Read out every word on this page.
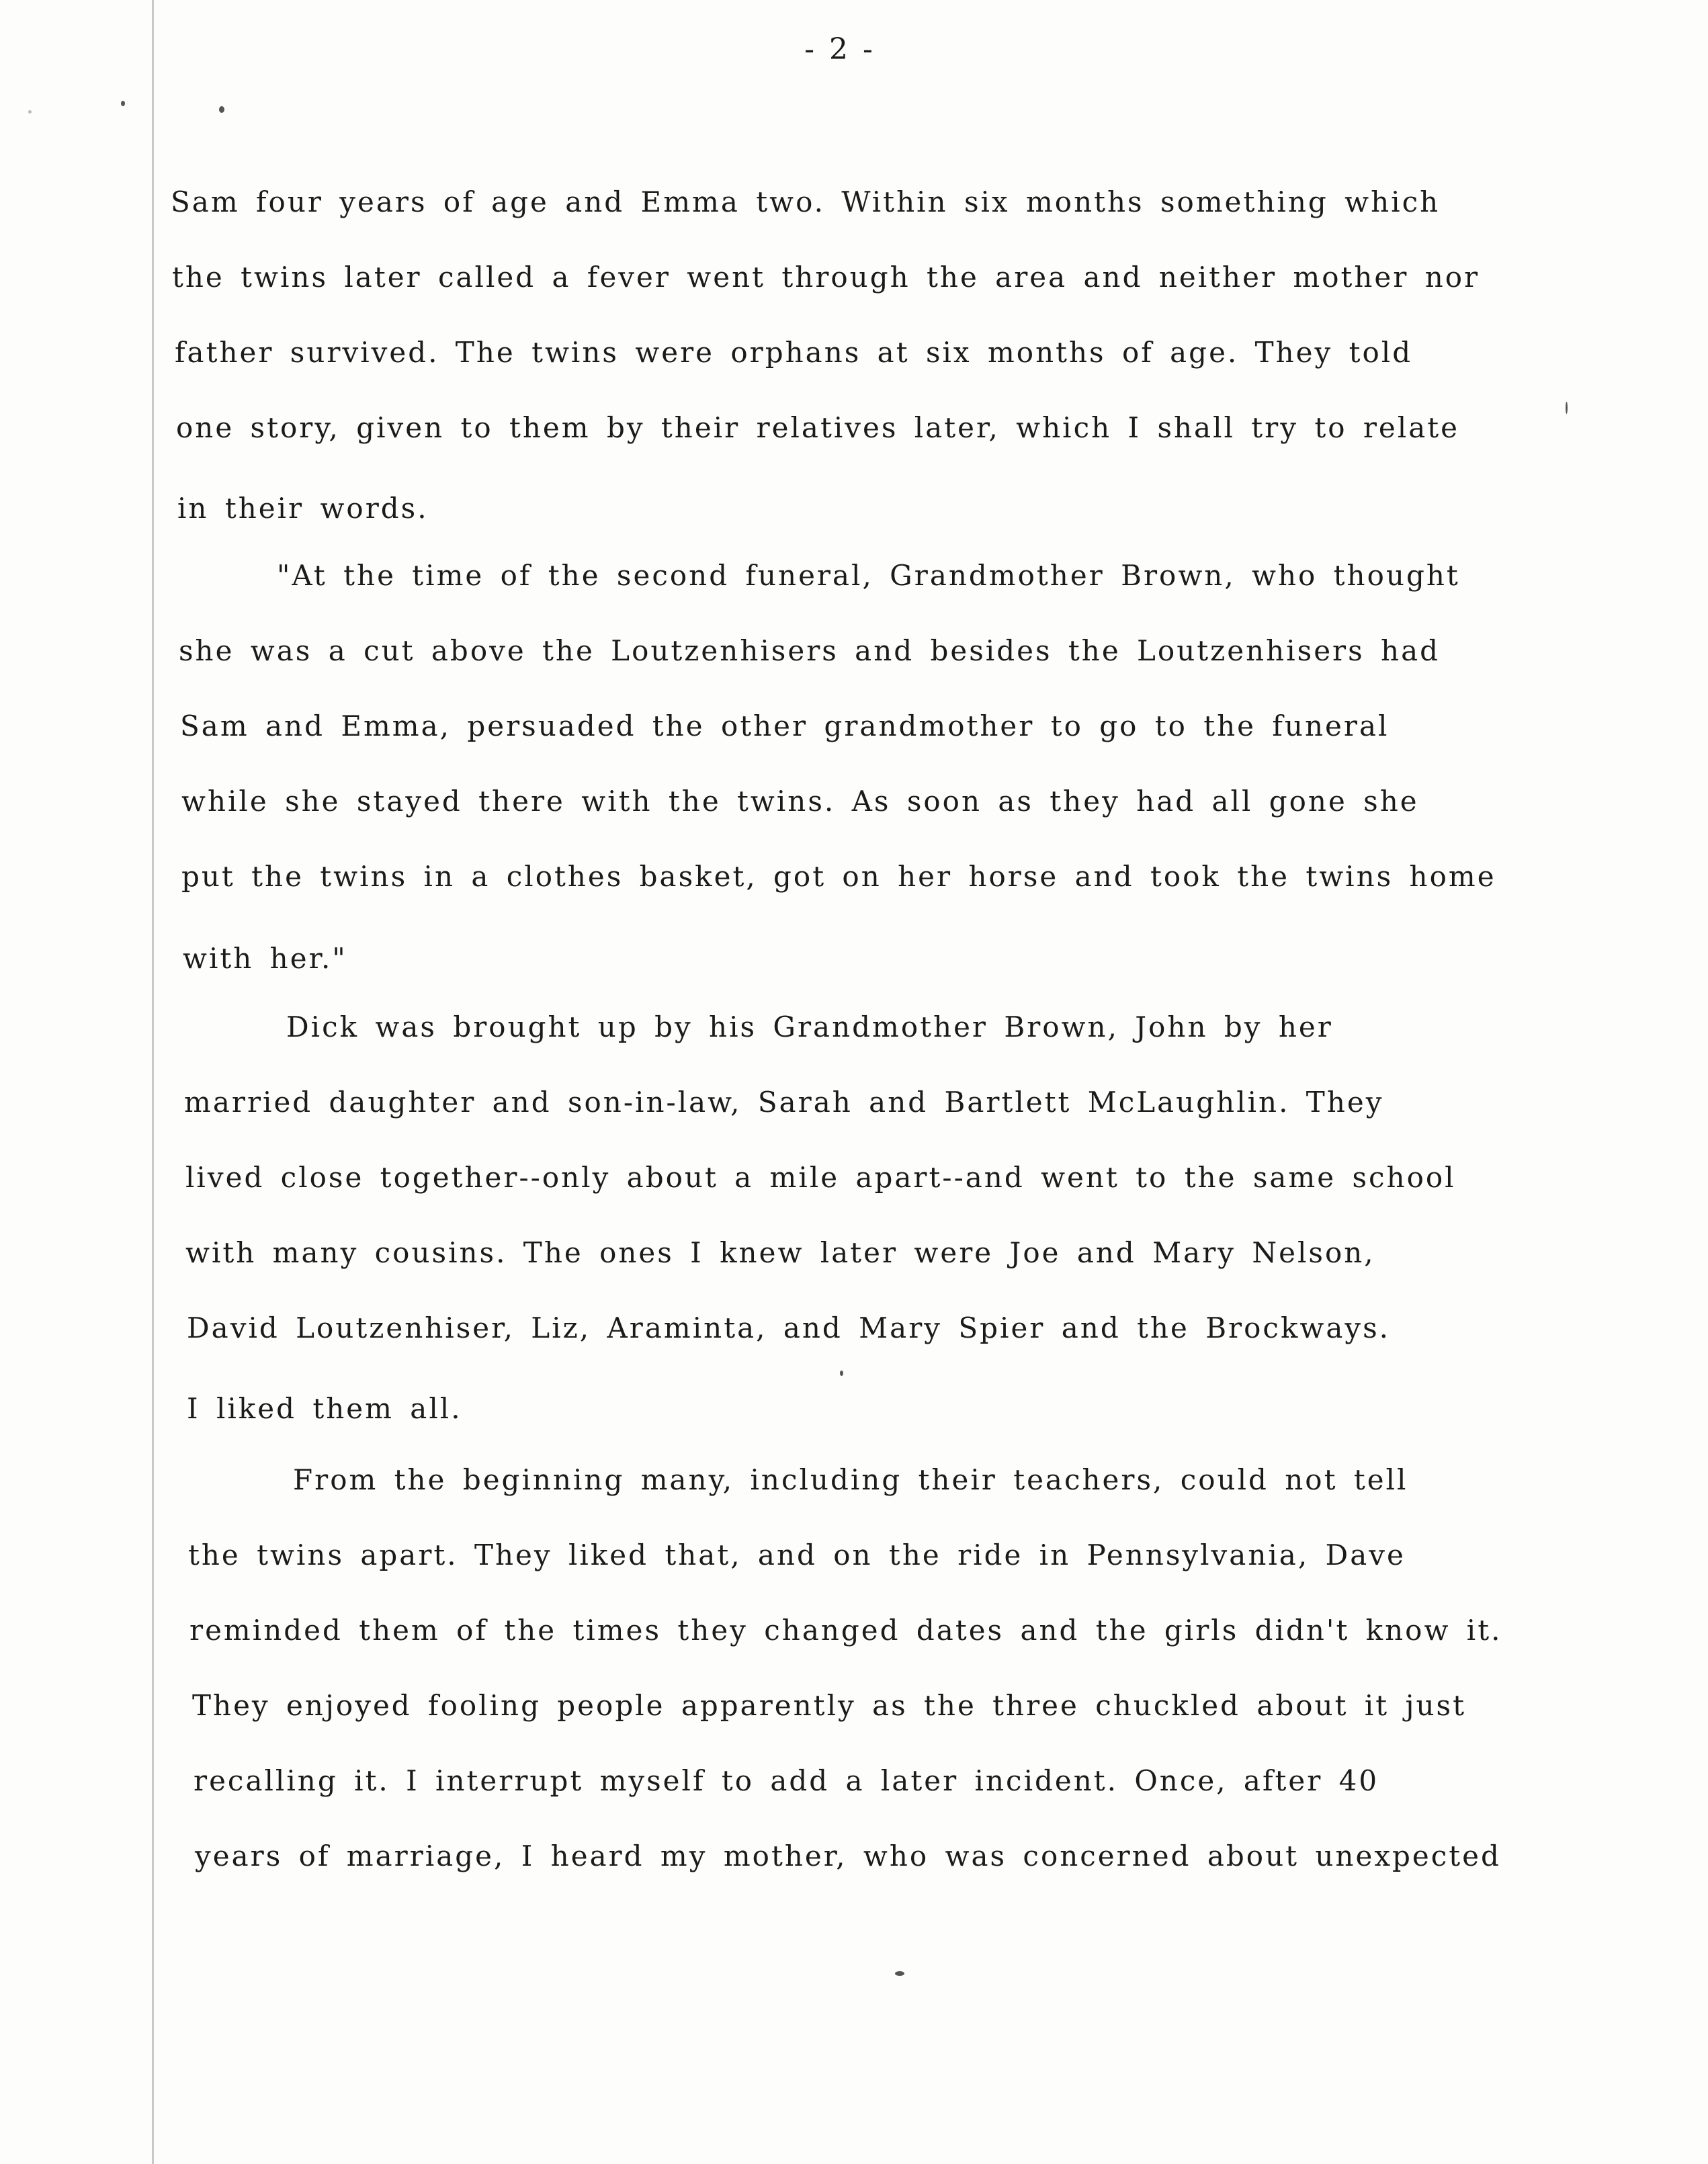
- 2 -
Sam four years of age and Emma two. Within six months something which
the twins later called a fever went through the area and neither mother nor
father survived. The twins were orphans at six months of age. They told
one story, given to them by their relatives later, which I shall try to relate
in their words.
"At the time of the second funeral, Grandmother Brown, who thought
she was a cut above the Loutzenhisers and besides the Loutzenhisers had
Sam and Emma, persuaded the other grandmother to go to the funeral
while she stayed there with the twins. As soon as they had all gone she
put the twins in a clothes basket, got on her horse and took the twins home
with her."
Dick was brought up by his Grandmother Brown, John by her
married daughter and son-in-law, Sarah and Bartlett McLaughlin. They
lived close together--only about a mile apart--and went to the same school
with many cousins. The ones I knew later were Joe and Mary Nelson,
David Loutzenhiser, Liz, Araminta, and Mary Spier and the Brockways.
I liked them all.
From the beginning many, including their teachers, could not tell
the twins apart. They liked that, and on the ride in Pennsylvania, Dave
reminded them of the times they changed dates and the girls didn't know it.
They enjoyed fooling people apparently as the three chuckled about it just
recalling it. I interrupt myself to add a later incident. Once, after 40
years of marriage, I heard my mother, who was concerned about unexpected
